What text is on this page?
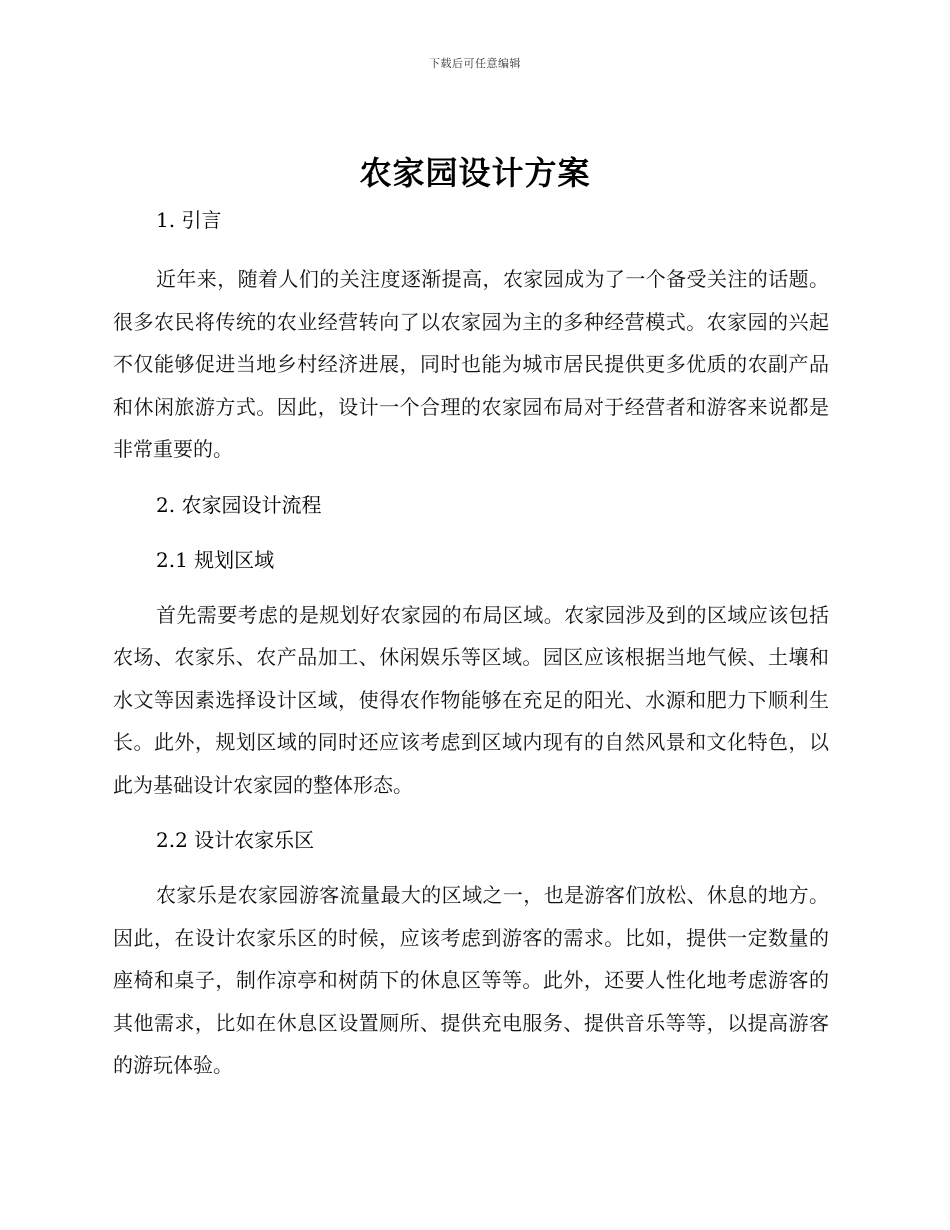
下载后可任意编辑
农家园设计方案
1. 引言

近年来，随着人们的关注度逐渐提高，农家园成为了一个备受关注的话题。很多农民将传统的农业经营转向了以农家园为主的多种经营模式。农家园的兴起不仅能够促进当地乡村经济进展，同时也能为城市居民提供更多优质的农副产品和休闲旅游方式。因此，设计一个合理的农家园布局对于经营者和游客来说都是非常重要的。

2. 农家园设计流程
2.1 规划区域

首先需要考虑的是规划好农家园的布局区域。农家园涉及到的区域应该包括农场、农家乐、农产品加工、休闲娱乐等区域。园区应该根据当地气候、土壤和水文等因素选择设计区域，使得农作物能够在充足的阳光、水源和肥力下顺利生长。此外，规划区域的同时还应该考虑到区域内现有的自然风景和文化特色，以此为基础设计农家园的整体形态。

2.2 设计农家乐区

农家乐是农家园游客流量最大的区域之一，也是游客们放松、休息的地方。因此，在设计农家乐区的时候，应该考虑到游客的需求。比如，提供一定数量的座椅和桌子，制作凉亭和树荫下的休息区等等。此外，还要人性化地考虑游客的其他需求，比如在休息区设置厕所、提供充电服务、提供音乐等等，以提高游客的游玩体验。
